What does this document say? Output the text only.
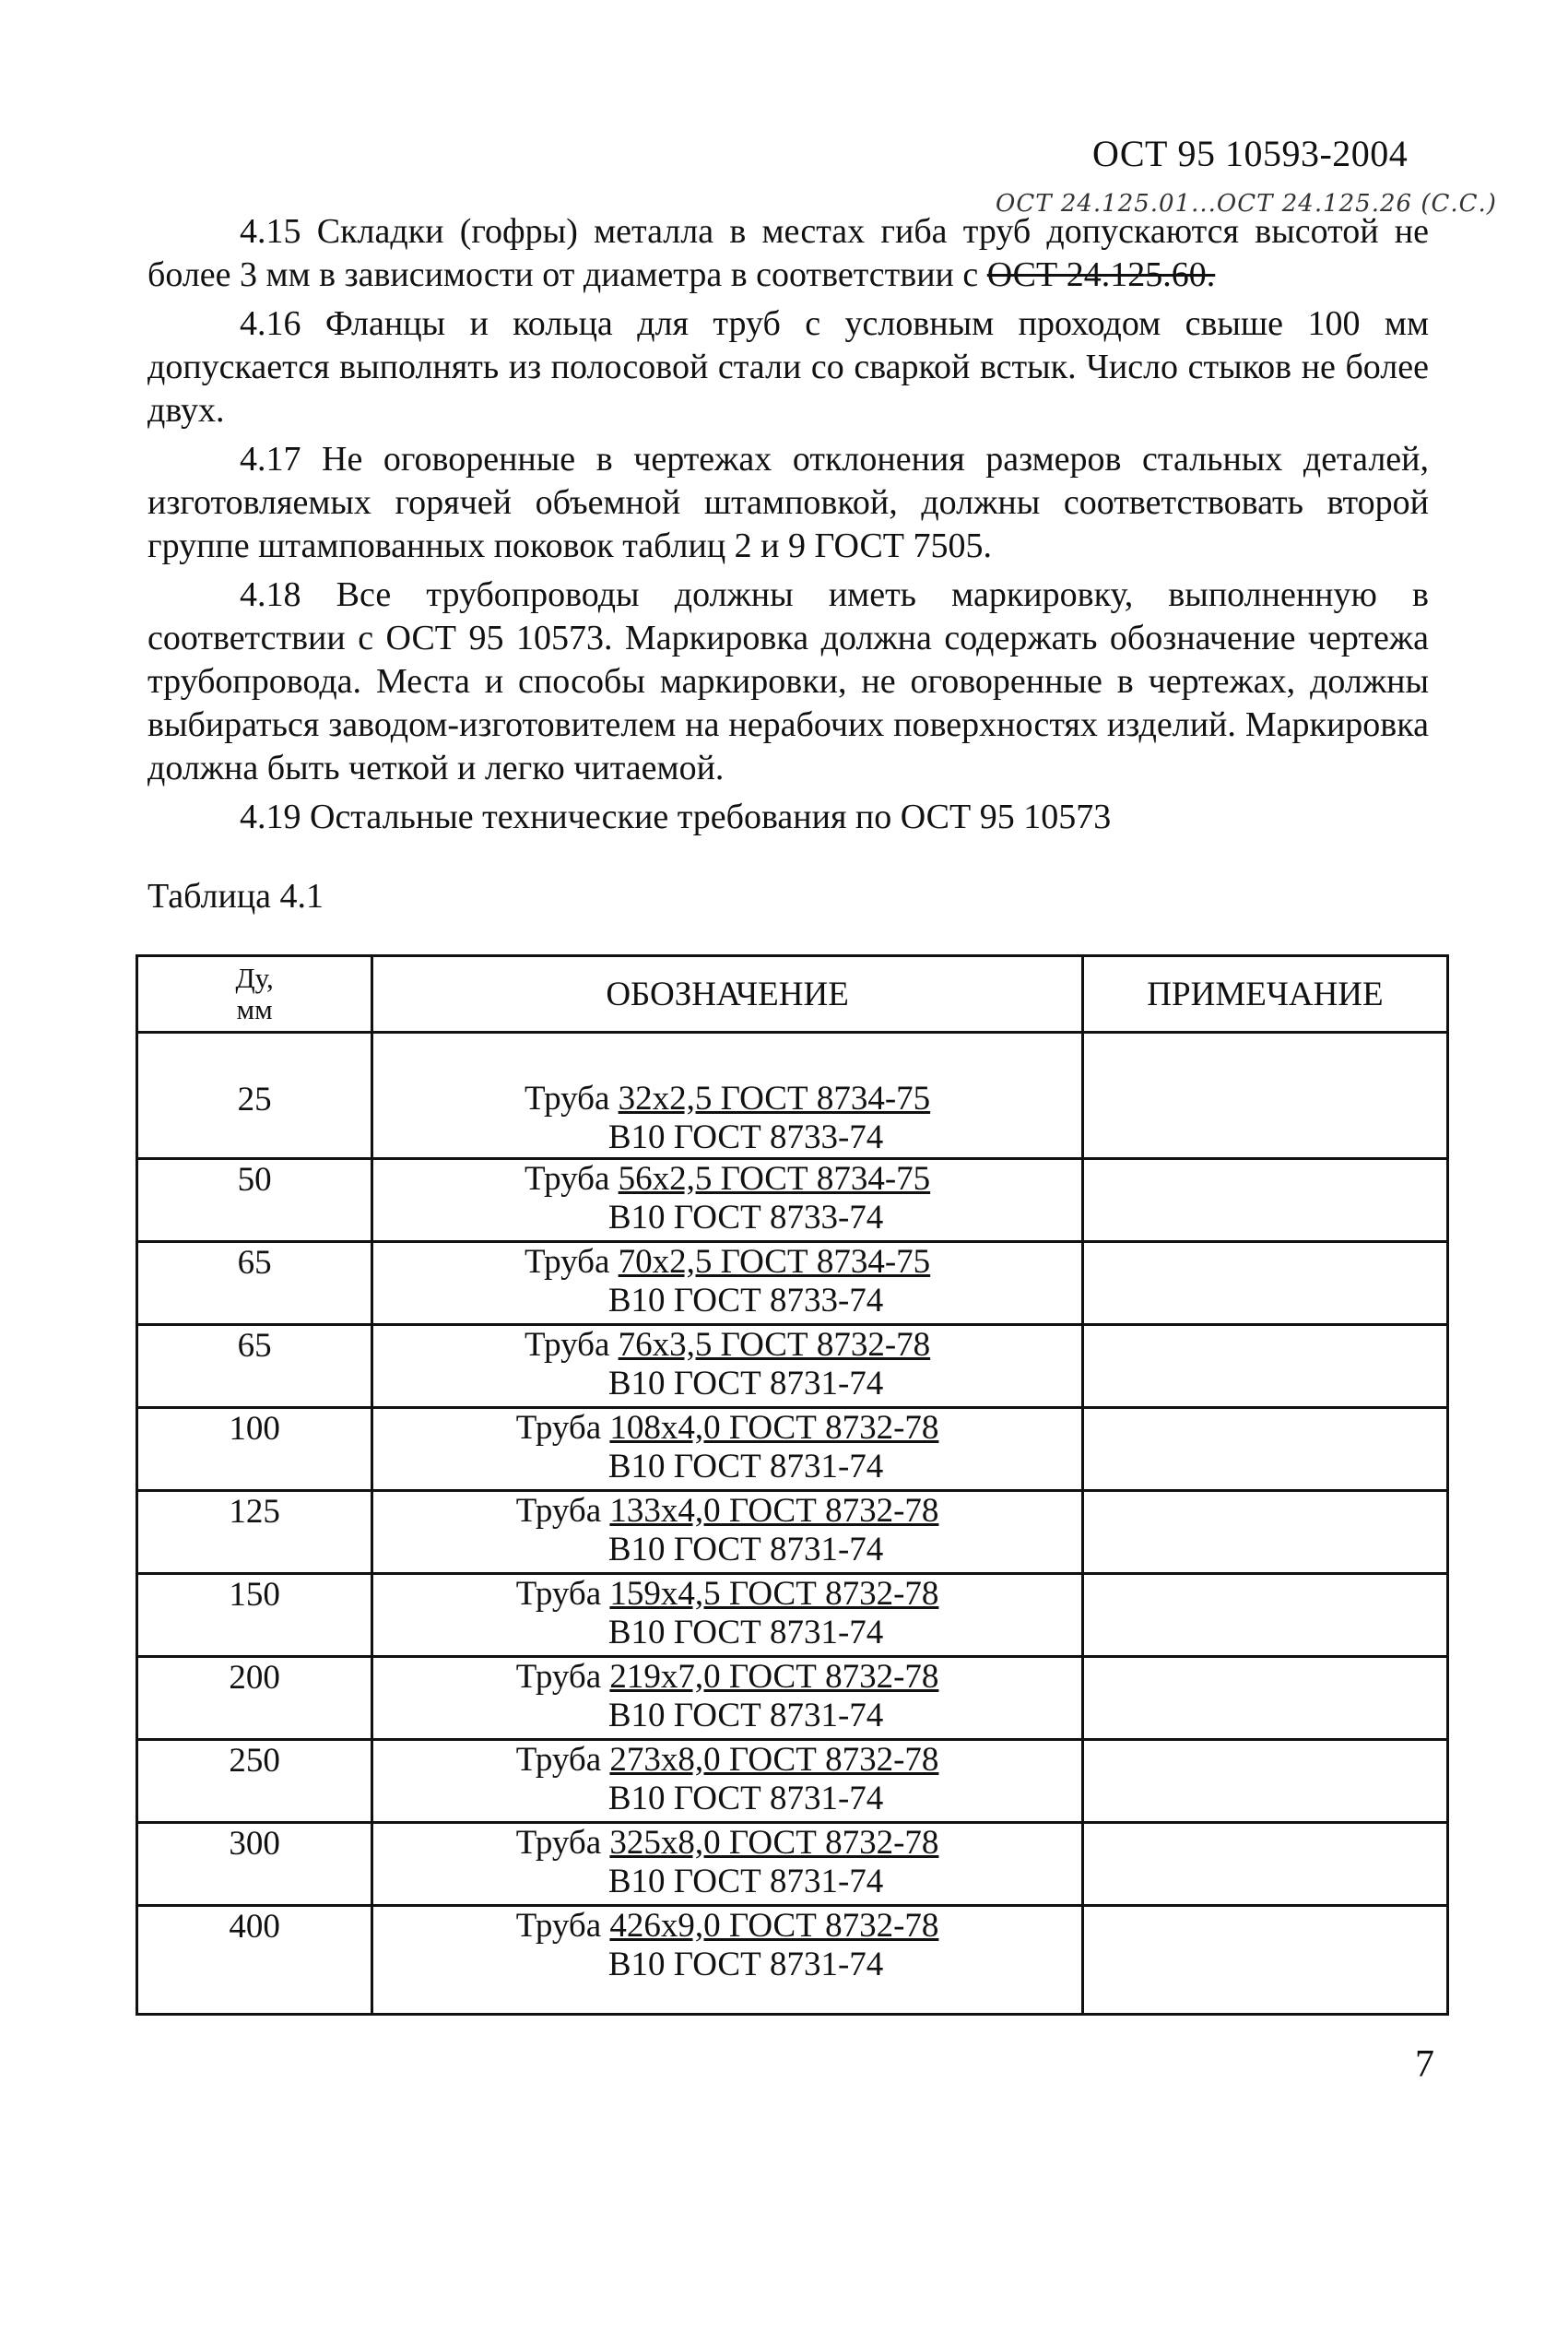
ОСТ 95 10593-2004
ОСТ 24.125.01...ОСТ 24.125.26 (С.С.)

4.15 Складки (гофры) металла в местах гиба труб допускаются высотой не более 3 мм в зависимости от диаметра в соответствии с ОСТ 24.125.60.

4.16 Фланцы и кольца для труб с условным проходом свыше 100 мм допускается выполнять из полосовой стали со сваркой встык. Число стыков не более двух.

4.17 Не оговоренные в чертежах отклонения размеров стальных деталей, изготовляемых горячей объемной штамповкой, должны соответствовать второй группе штампованных поковок таблиц 2 и 9 ГОСТ 7505.

4.18 Все трубопроводы должны иметь маркировку, выполненную в соответствии с ОСТ 95 10573. Маркировка должна содержать обозначение чертежа трубопровода. Места и способы маркировки, не оговоренные в чертежах, должны выбираться заводом-изготовителем на нерабочих поверхностях изделий. Маркировка должна быть четкой и легко читаемой.

4.19 Остальные технические требования по ОСТ 95 10573

Таблица 4.1
Ду,
мм	ОБОЗНАЧЕНИЕ	ПРИМЕЧАНИЕ
25	Труба 32х2,5 ГОСТ 8734-75
В10 ГОСТ 8733-74	

50	Труба 56х2,5 ГОСТ 8734-75
В10 ГОСТ 8733-74	

65	Труба 70х2,5 ГОСТ 8734-75
В10 ГОСТ 8733-74	

65	Труба 76х3,5 ГОСТ 8732-78
В10 ГОСТ 8731-74	

100	Труба 108х4,0 ГОСТ 8732-78
В10 ГОСТ 8731-74	

125	Труба 133х4,0 ГОСТ 8732-78
В10 ГОСТ 8731-74	

150	Труба 159х4,5 ГОСТ 8732-78
В10 ГОСТ 8731-74	

200	Труба 219х7,0 ГОСТ 8732-78
В10 ГОСТ 8731-74	

250	Труба 273х8,0 ГОСТ 8732-78
В10 ГОСТ 8731-74	

300	Труба 325х8,0 ГОСТ 8732-78
В10 ГОСТ 8731-74	

400	Труба 426х9,0 ГОСТ 8732-78
В10 ГОСТ 8731-74	

7
